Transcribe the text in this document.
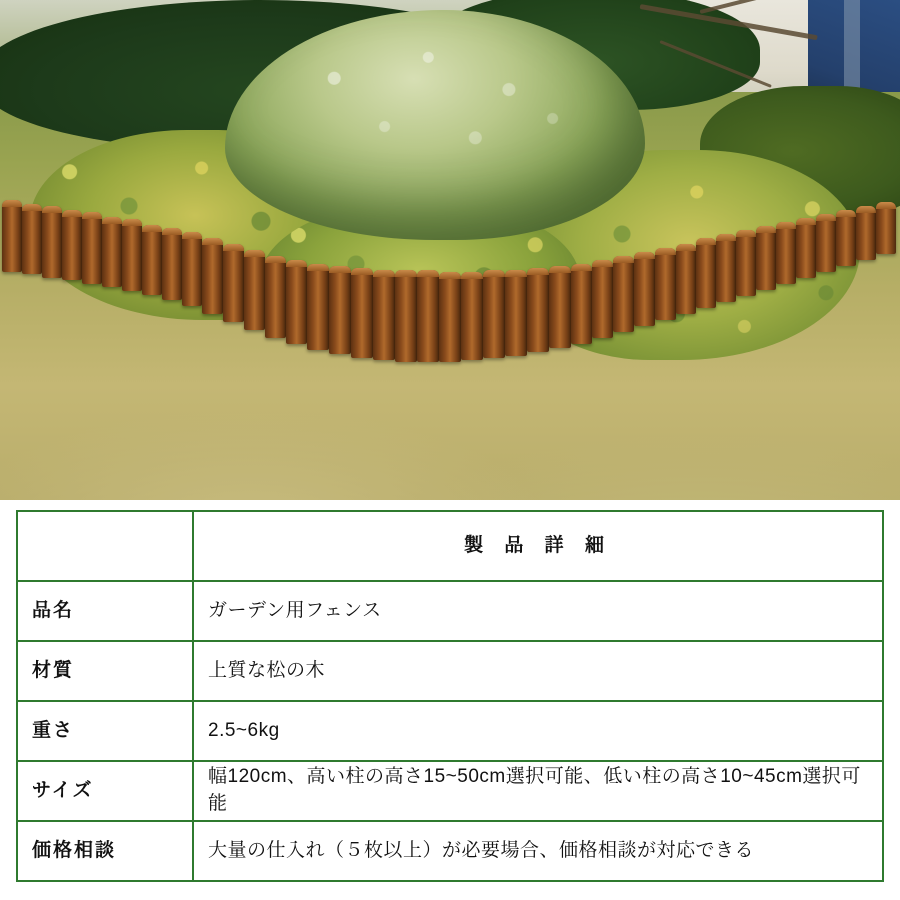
	製 品 詳 細
品名	ガーデン用フェンス
材質	上質な松の木
重さ	2.5~6kg
サイズ	幅120cm、高い柱の高さ15~50cm選択可能、低い柱の高さ10~45cm選択可能
価格相談	大量の仕入れ（５枚以上）が必要場合、価格相談が対応できる
